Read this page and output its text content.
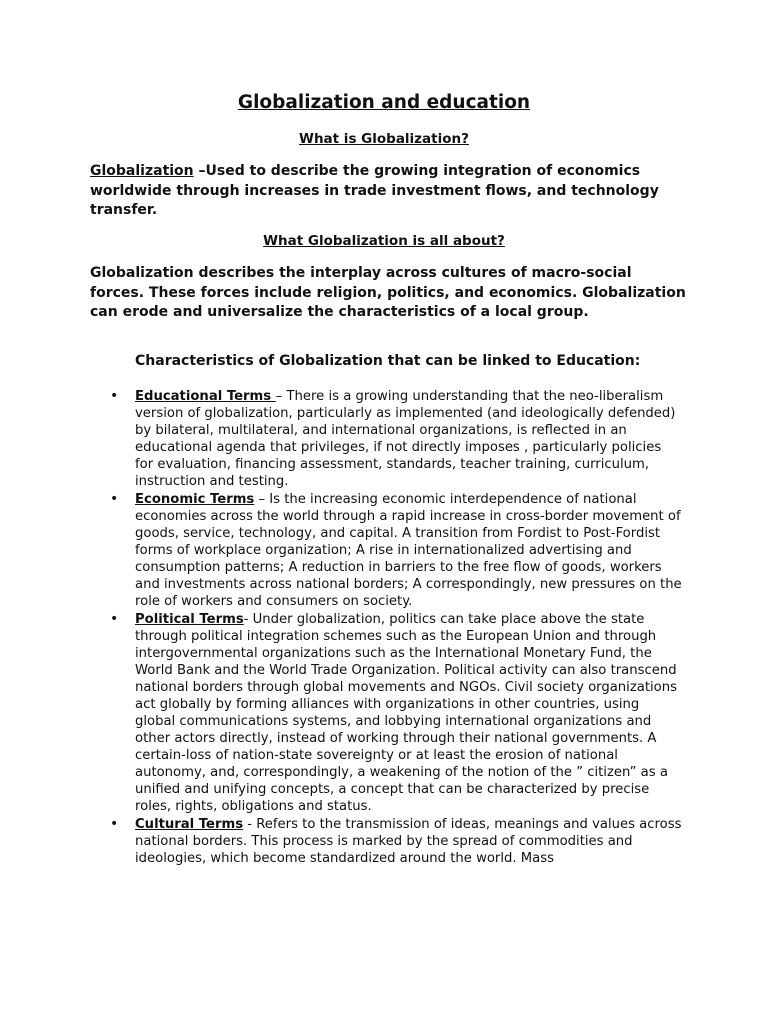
Globalization and education

What is Globalization?

Globalization –Used to describe the growing integration of economics worldwide through increases in trade investment flows, and technology transfer.

What Globalization is all about?

Globalization describes the interplay across cultures of macro-social forces. These forces include religion, politics, and economics. Globalization can erode and universalize the characteristics of a local group.

Characteristics of Globalization that can be linked to Education:

• Educational Terms – There is a growing understanding that the neo-liberalism version of globalization, particularly as implemented (and ideologically defended) by bilateral, multilateral, and international organizations, is reflected in an educational agenda that privileges, if not directly imposes , particularly policies for evaluation, financing assessment, standards, teacher training, curriculum, instruction and testing.
• Economic Terms – Is the increasing economic interdependence of national economies across the world through a rapid increase in cross-border movement of goods, service, technology, and capital. A transition from Fordist to Post-Fordist forms of workplace organization; A rise in internationalized advertising and consumption patterns; A reduction in barriers to the free flow of goods, workers and investments across national borders; A correspondingly, new pressures on the role of workers and consumers on society.
• Political Terms- Under globalization, politics can take place above the state through political integration schemes such as the European Union and through intergovernmental organizations such as the International Monetary Fund, the World Bank and the World Trade Organization. Political activity can also transcend national borders through global movements and NGOs. Civil society organizations act globally by forming alliances with organizations in other countries, using global communications systems, and lobbying international organizations and other actors directly, instead of working through their national governments. A certain-loss of nation-state sovereignty or at least the erosion of national autonomy, and, correspondingly, a weakening of the notion of the ” citizen” as a unified and unifying concepts, a concept that can be characterized by precise roles, rights, obligations and status.
• Cultural Terms - Refers to the transmission of ideas, meanings and values across national borders. This process is marked by the spread of commodities and ideologies, which become standardized around the world. Mass
